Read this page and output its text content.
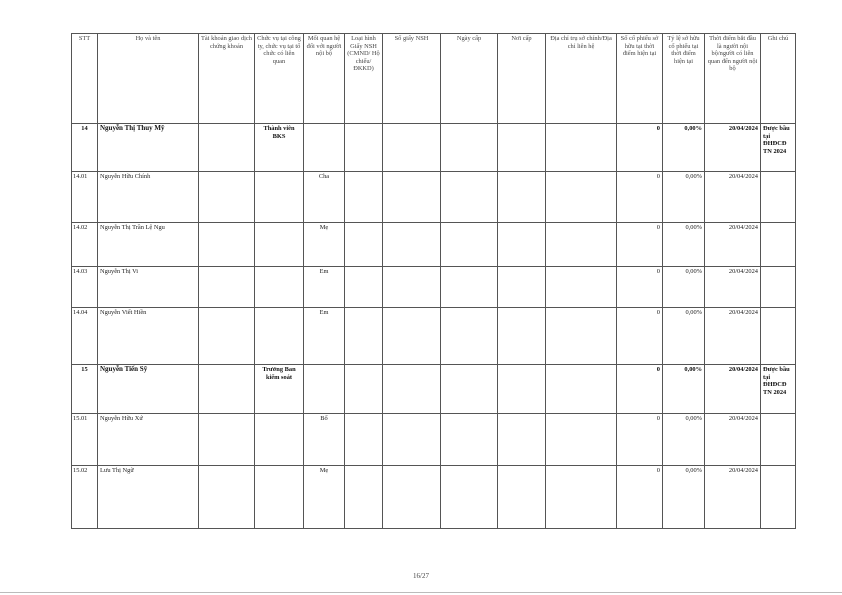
STT	Họ và tên	Tài khoản giao dịch chứng khoán	Chức vụ tại công ty, chức vụ tại tổ chức có liên quan	Mối quan hệ đối với người nội bộ	Loại hình Giấy NSH (CMND/ Hộ chiếu/ ĐKKD)	Số giấy NSH	Ngày cấp	Nơi cấp	Địa chỉ trụ sở chính/Địa chỉ liên hệ	Số cổ phiếu sở hữu tại thời điểm hiện tại	Tỷ lệ sở hữu cổ phiếu tại thời điểm hiện tại	Thời điểm bắt đầu là người nội bộ/người có liên quan đến người nội bộ	Ghi chú
14	Nguyễn Thị Thuy Mỹ		Thành viên BKS							0	0,00%	20/04/2024	Được bầu tại ĐHĐCĐ TN 2024
14.01	Nguyễn Hữu Chính			Cha						0	0,00%	20/04/2024	
14.02	Nguyễn Thị Trần Lệ Ngu			Mẹ						0	0,00%	20/04/2024	
14.03	Nguyễn Thị Vi			Em						0	0,00%	20/04/2024	
14.04	Nguyễn Viết Hiền			Em						0	0,00%	20/04/2024	
15	Nguyễn Tiến Sỹ		Trưởng Ban kiểm soát							0	0,00%	20/04/2024	Được bầu tại ĐHĐCĐ TN 2024
15.01	Nguyễn Hữu Xứ			Bố						0	0,00%	20/04/2024	
15.02	Lưu Thị Ngữ			Mẹ						0	0,00%	20/04/2024	
16/27
